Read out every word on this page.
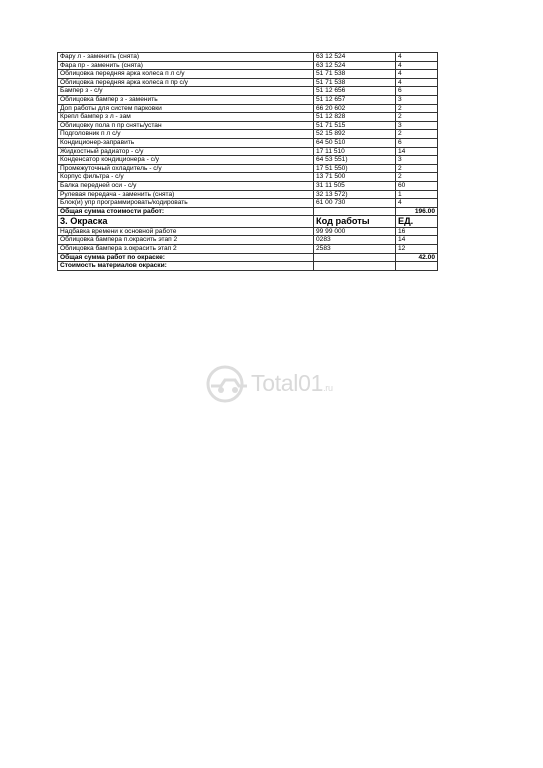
Фару л - заменить (снята)	63 12 524	4
Фара пр - заменить (снята)	63 12 524	4
Облицовка передняя арка колеса п л с/у	51 71 538	4
Облицовка передняя арка колеса п пр с/у	51 71 538	4
Бампер з - с/у	51 12 656	6
Облицовка бампер з - заменить	51 12 657	3
Доп работы для систем парковки	66 20 602	2
Крепл бампер з л - зам	51 12 828	2
Облицовку пола п пр снять/устан	51 71 515	3
Подголовник п л с/у	52 15 892	2
Кондиционер-заправить	64 50 510	6
Жидкостный радиатор - с/у	17 11 510	14
Конденсатор кондиционера - с/у	64 53 551)	3
Промежуточный охладитель - с/у	17 51 550)	2
Корпус фильтра - с/у	13 71 500	2
Балка передней оси - с/у	31 11 505	60
Рулевая передача - заменить (снята)	32 13 572)	1
Блок(и) упр программировать/кодировать	61 00 730	4
Общая сумма стоимости работ:		196.00
3. Окраска	Код работы	ЕД.
Надбавка времени к основной работе	99 99 000	16
Облицовка бампера п.окрасить этап 2	0283	14
Облицовка бампера з.окрасить этап 2	2583	12
Общая сумма работ по окраске:		42.00
Стоимость материалов окраски:		
Total01.ru
